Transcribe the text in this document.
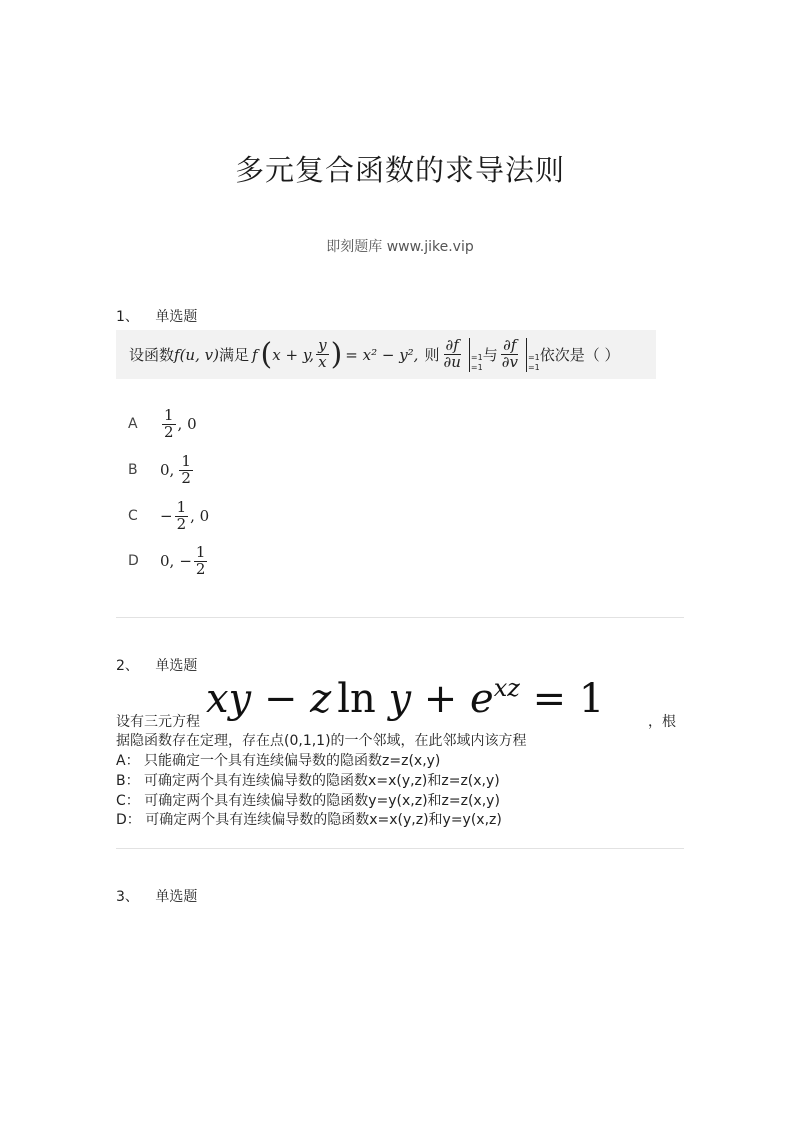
多元复合函数的求导法则
即刻题库 www.jike.vip
1、 单选题
设函数 f(u, v) 满足 f ( x + y, $\frac{y}{x}$ ) = x² − y², 则 $\frac{\partial f}{\partial u} =1$
=1
与 $\frac{\partial f}{\partial v} =1$
=1
依次是（ ）
A	$\frac{1}{2}$ , 0
B	0, $\frac{1}{2}$
C	− $\frac{1}{2}$ , 0
D	0, − $\frac{1}{2}$
2、 单选题
设有三元方程 xy − z $\ln y + e^{xz} = 1$	，根
据隐函数存在定理，存在点(0,1,1)的一个邻域，在此邻域内该方程
A： 只能确定一个具有连续偏导数的隐函数z=z(x,y)
B： 可确定两个具有连续偏导数的隐函数x=x(y,z)和z=z(x,y)
C： 可确定两个具有连续偏导数的隐函数y=y(x,z)和z=z(x,y)
D： 可确定两个具有连续偏导数的隐函数x=x(y,z)和y=y(x,z)
3、 单选题
